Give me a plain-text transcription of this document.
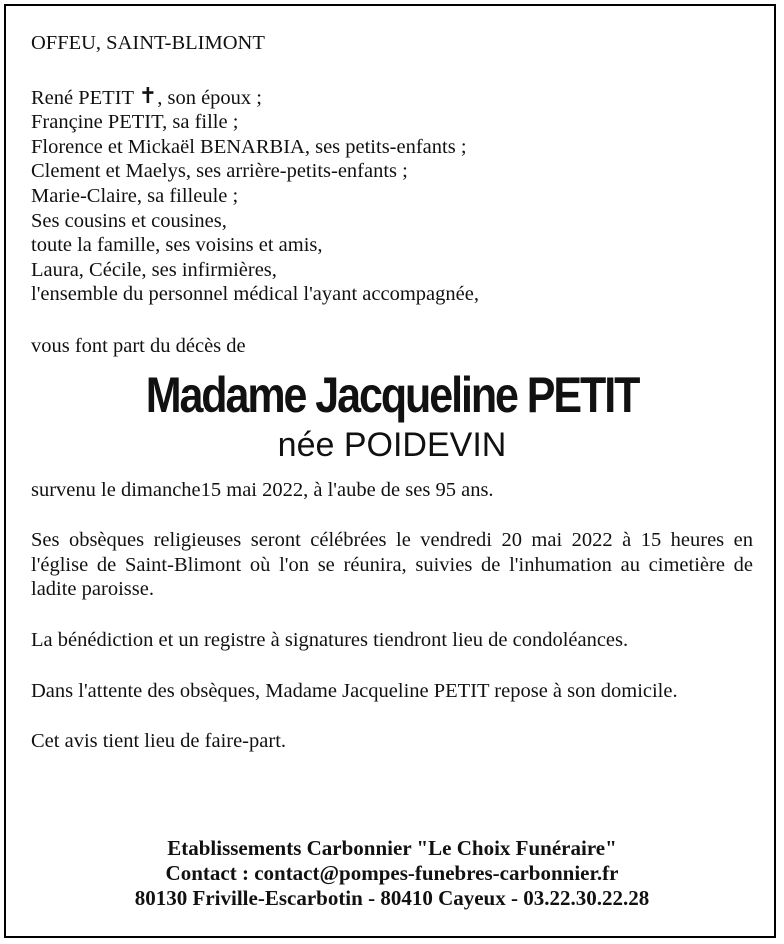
OFFEU, SAINT-BLIMONT

René PETIT ✝, son époux ;
Françine PETIT, sa fille ;
Florence et Mickaël BENARBIA, ses petits-enfants ;
Clement et Maelys, ses arrière-petits-enfants ;
Marie-Claire, sa filleule ;
Ses cousins et cousines,
toute la famille, ses voisins et amis,
Laura, Cécile, ses infirmières,
l'ensemble du personnel médical l'ayant accompagnée,

vous font part du décès de

Madame Jacqueline PETIT
née POIDEVIN

survenu le dimanche15 mai 2022, à l'aube de ses 95 ans.

Ses obsèques religieuses seront célébrées le vendredi 20 mai 2022 à 15 heures en l'église de Saint-Blimont où l'on se réunira, suivies de l'inhumation au cimetière de ladite paroisse.

La bénédiction et un registre à signatures tiendront lieu de condoléances.

Dans l'attente des obsèques, Madame Jacqueline PETIT repose à son domicile.

Cet avis tient lieu de faire-part.

Etablissements Carbonnier "Le Choix Funéraire"
Contact : contact@pompes-funebres-carbonnier.fr
80130 Friville-Escarbotin - 80410 Cayeux - 03.22.30.22.28
